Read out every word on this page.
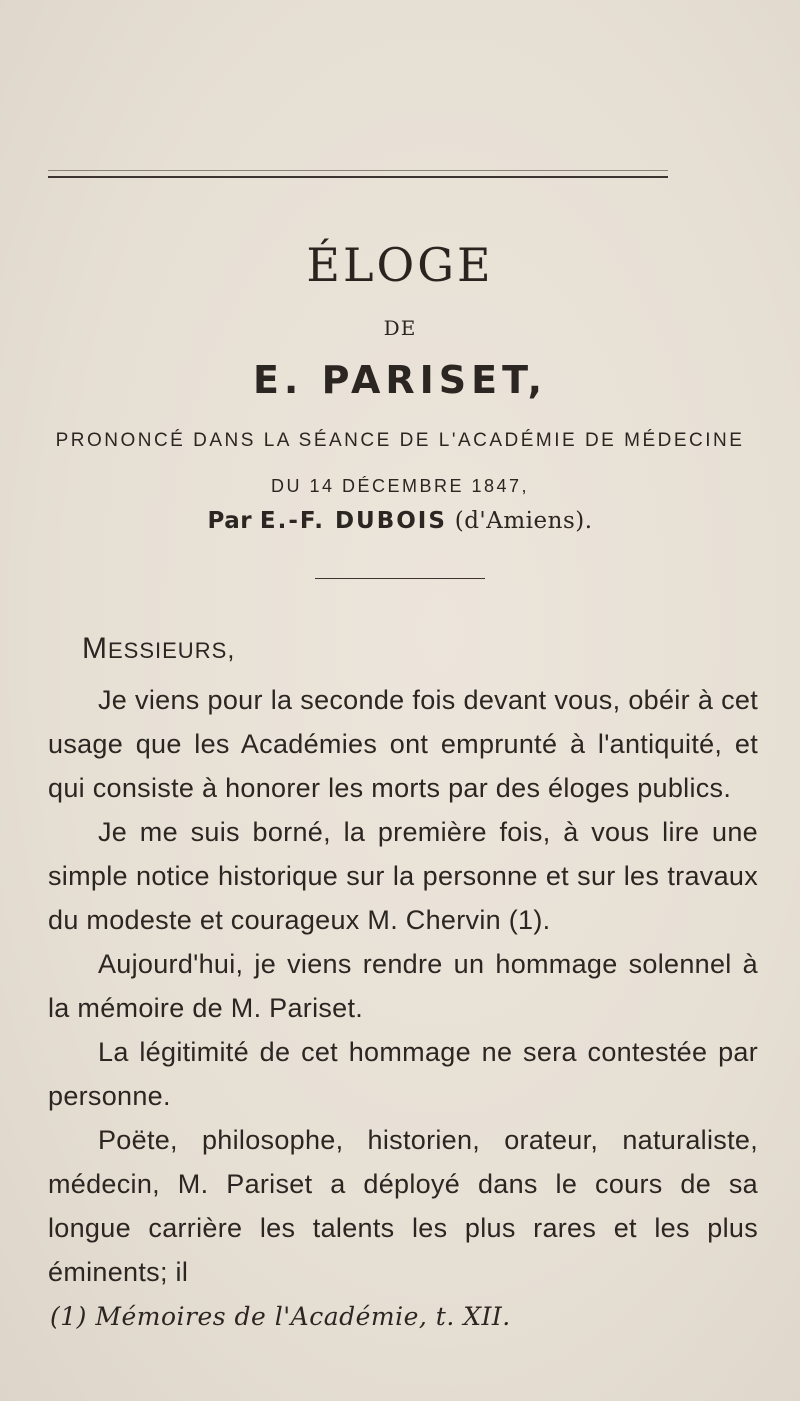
ÉLOGE
DE
E. PARISET,
PRONONCÉ DANS LA SÉANCE DE L'ACADÉMIE DE MÉDECINE
DU 14 DÉCEMBRE 1847,
Par E.-F. DUBOIS (d'Amiens).
MESSIEURS,

Je viens pour la seconde fois devant vous, obéir à cet usage que les Académies ont emprunté à l'antiquité, et qui consiste à honorer les morts par des éloges publics.

Je me suis borné, la première fois, à vous lire une simple notice historique sur la personne et sur les travaux du modeste et courageux M. Chervin (1).

Aujourd'hui, je viens rendre un hommage solennel à la mémoire de M. Pariset.

La légitimité de cet hommage ne sera contestée par personne.

Poëte, philosophe, historien, orateur, naturaliste, médecin, M. Pariset a déployé dans le cours de sa longue carrière les talents les plus rares et les plus éminents; il

(1) Mémoires de l'Académie, t. XII.
